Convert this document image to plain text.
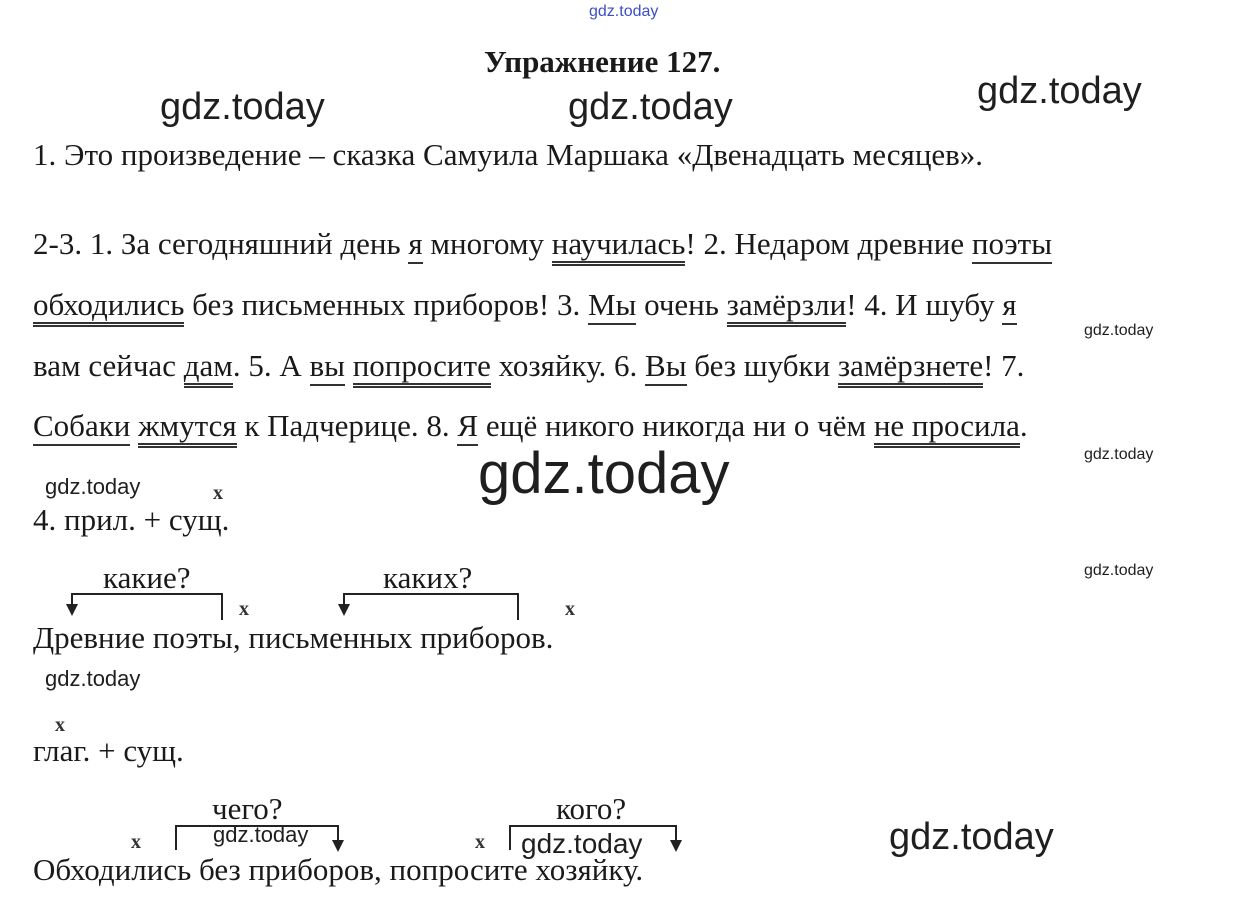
gdz.today
Упражнение 127.
gdz.today	gdz.today	gdz.today
1. Это произведение – сказка Самуила Маршака «Двенадцать месяцев».
2-3. 1. За сегодняшний день я многому научилась! 2. Недаром древние поэты
обходились без письменных приборов! 3. Мы очень замёрзли! 4. И шубу я
gdz.today
вам сейчас дам. 5. А вы попросите хозяйку. 6. Вы без шубки замёрзнете! 7.
Собаки жмутся к Падчерице. 8. Я ещё никого никогда ни о чём не просила.
gdz.today
gdz.today
gdz.today	x
4. прил. + сущ.
какие?	каких?
x	x
gdz.today
Древние поэты, письменных приборов.
gdz.today
x
глаг. + сущ.
чего?	кого?
x	x
gdz.today	gdz.today	gdz.today
Обходились без приборов, попросите хозяйку.
